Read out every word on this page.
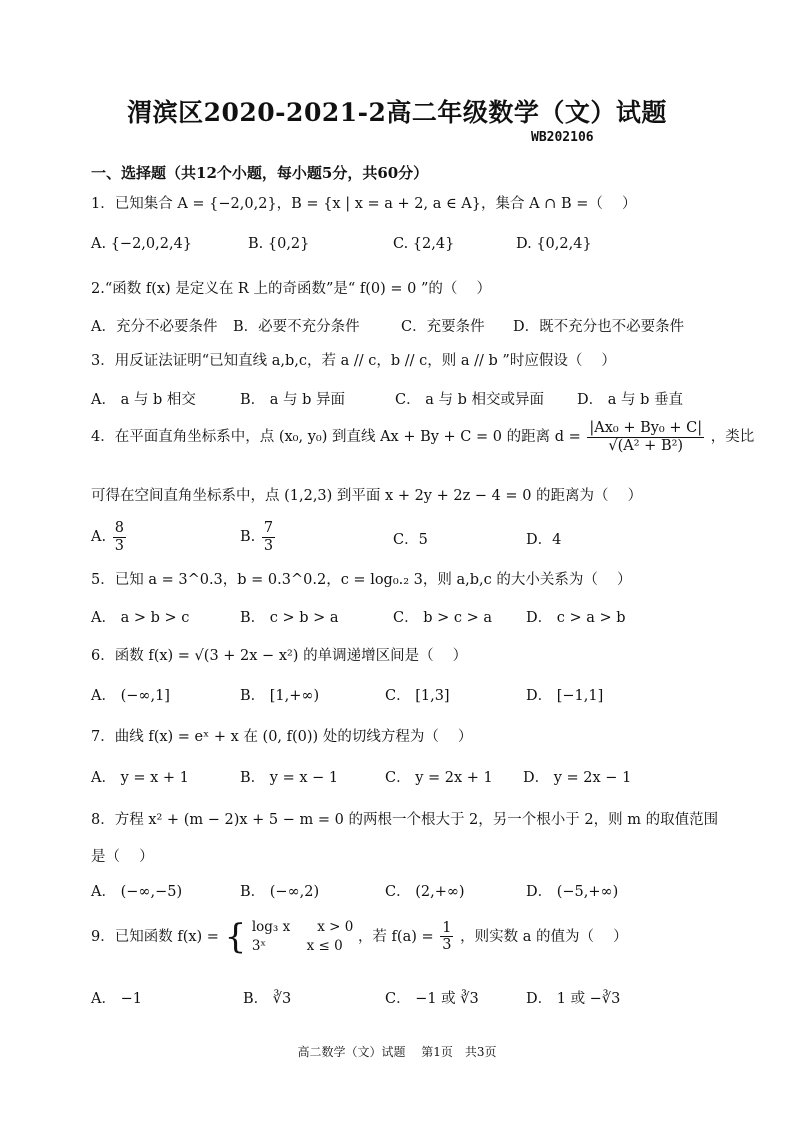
渭滨区2020-2021-2高二年级数学（文）试题
WB202106
一、选择题（共12个小题，每小题5分，共60分）
1．已知集合 A = {−2,0,2}，B = {x | x = a + 2, a ∈ A}，集合 A ∩ B =（　 ）
A. {−2,0,2,4}	B. {0,2}	C. {2,4}	D. {0,2,4}
2.“函数 f(x) 是定义在 R 上的奇函数”是“ f(0) = 0 ”的（　 ）
A．充分不必要条件 B．必要不充分条件	C．充要条件 D．既不充分也不必要条件
3．用反证法证明“已知直线 a,b,c，若 a // c，b // c，则 a // b ”时应假设（　 ）
A． a 与 b 相交	B． a 与 b 异面	C． a 与 b 相交或异面 D． a 与 b 垂直
4．在平面直角坐标系中，点 (x₀, y₀) 到直线 Ax + By + C = 0 的距离 $d = \frac{\text{|Ax₀ + By₀ + C|}}{\text{√(A² + B²)}}$ ，类比
可得在空间直角坐标系中，点 (1,2,3) 到平面 x + 2y + 2z − 4 = 0 的距离为（　 ）
A. $\frac{8}{3}$	B. $\frac{7}{3}$	C．5	D．4
5．已知 a = 3^0.3，b = 0.3^0.2，c = log₀.₂ 3，则 a,b,c 的大小关系为（　 ）
A． a > b > c	B． c > b > a	C． b > c > a D． c > a > b
6．函数 f(x) = √(3 + 2x − x²) 的单调递增区间是（　 ）
A． (−∞,1]	B． [1,+∞)	C． [1,3]	D． [−1,1]
7．曲线 f(x) = eˣ + x 在 (0, f(0)) 处的切线方程为（　 ）
A． y = x + 1	B． y = x − 1	C． y = 2x + 1 D． y = 2x − 1
8．方程 x² + (m − 2)x + 5 − m = 0 的两根一个根大于 2，另一个根小于 2，则 m 的取值范围
是（　 ）
A． (−∞,−5)	B． (−∞,2)	C． (2,+∞)	D． (−5,+∞)
9．已知函数 f(x) = { log₃ x　　x > 0
3ˣ　　　x ≤ 0
，若 $f(a) = \frac{1}{3}$ ，则实数 a 的值为（　 ）
A． −1	B． ∛3	C． −1 或 ∛3	D． 1 或 −∛3
高二数学（文）试题　 第1页　共3页
